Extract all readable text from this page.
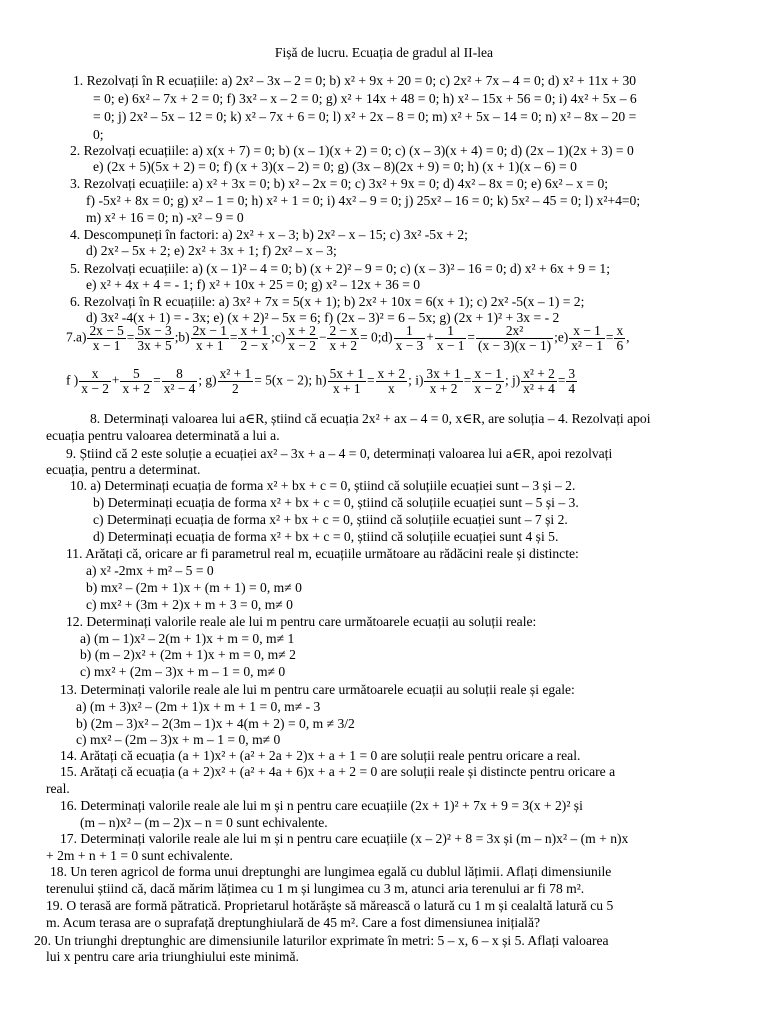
Fișă de lucru. Ecuația de gradul al II-lea
1. Rezolvați în R ecuațiile: a) 2x² – 3x – 2 = 0; b) x² + 9x + 20 = 0; c) 2x² + 7x – 4 = 0; d) x² + 11x + 30
= 0; e) 6x² – 7x + 2 = 0; f) 3x² – x – 2 = 0; g) x² + 14x + 48 = 0; h) x² – 15x + 56 = 0; i) 4x² + 5x – 6
= 0; j) 2x² – 5x – 12 = 0; k) x² – 7x + 6 = 0; l) x² + 2x – 8 = 0; m) x² + 5x – 14 = 0; n) x² – 8x – 20 =
0;
2. Rezolvați ecuațiile: a) x(x + 7) = 0; b) (x – 1)(x + 2) = 0; c) (x – 3)(x + 4) = 0; d) (2x – 1)(2x + 3) = 0
e) (2x + 5)(5x + 2) = 0; f) (x + 3)(x – 2) = 0; g) (3x – 8)(2x + 9) = 0; h) (x + 1)(x – 6) = 0
3. Rezolvați ecuațiile: a) x² + 3x = 0; b) x² – 2x = 0; c) 3x² + 9x = 0; d) 4x² – 8x = 0; e) 6x² – x = 0;
f) -5x² + 8x = 0; g) x² – 1 = 0; h) x² + 1 = 0; i) 4x² – 9 = 0; j) 25x² – 16 = 0; k) 5x² – 45 = 0; l) x²+4=0;
m) x² + 16 = 0; n) -x² – 9 = 0
4. Descompuneți în factori: a) 2x² + x – 3; b) 2x² – x – 15; c) 3x² -5x + 2;
d) 2x² – 5x + 2; e) 2x² + 3x + 1; f) 2x² – x – 3;
5. Rezolvați ecuațiile: a) (x – 1)² – 4 = 0; b) (x + 2)² – 9 = 0; c) (x – 3)² – 16 = 0; d) x² + 6x + 9 = 1;
e) x² + 4x + 4 = - 1; f) x² + 10x + 25 = 0; g) x² – 12x + 36 = 0
6. Rezolvați în R ecuațiile: a) 3x² + 7x = 5(x + 1); b) 2x² + 10x = 6(x + 1); c) 2x² -5(x – 1) = 2;
d) 3x² -4(x + 1) = - 3x; e) (x + 2)² – 5x = 6; f) (2x – 3)² = 6 – 5x; g) (2x + 1)² + 3x = - 2
8. Determinați valoarea lui a∈R, știind că ecuația 2x² + ax – 4 = 0, x∈R, are soluția – 4. Rezolvați apoi
ecuația pentru valoarea determinată a lui a.
9. Știind că 2 este soluție a ecuației ax² – 3x + a – 4 = 0, determinați valoarea lui a∈R, apoi rezolvați
ecuația, pentru a determinat.
10. a) Determinați ecuația de forma x² + bx + c = 0, știind că soluțiile ecuației sunt – 3 și – 2.
b) Determinați ecuația de forma x² + bx + c = 0, știind că soluțiile ecuației sunt – 5 și – 3.
c) Determinați ecuația de forma x² + bx + c = 0, știind că soluțiile ecuației sunt – 7 și 2.
d) Determinați ecuația de forma x² + bx + c = 0, știind că soluțiile ecuației sunt 4 și 5.
11. Arătați că, oricare ar fi parametrul real m, ecuațiile următoare au rădăcini reale și distincte:
a) x² -2mx + m² – 5 = 0
b) mx² – (2m + 1)x + (m + 1) = 0, m≠ 0
c) mx² + (3m + 2)x + m + 3 = 0, m≠ 0
12. Determinați valorile reale ale lui m pentru care următoarele ecuații au soluții reale:
a) (m – 1)x² – 2(m + 1)x + m = 0, m≠ 1
b) (m – 2)x² + (2m + 1)x + m = 0, m≠ 2
c) mx² + (2m – 3)x + m – 1 = 0, m≠ 0
13. Determinați valorile reale ale lui m pentru care următoarele ecuații au soluții reale și egale:
a) (m + 3)x² – (2m + 1)x + m + 1 = 0, m≠ - 3
b) (2m – 3)x² – 2(3m – 1)x + 4(m + 2) = 0, m ≠ 3/2
c) mx² – (2m – 3)x + m – 1 = 0, m≠ 0
14. Arătați că ecuația (a + 1)x² + (a² + 2a + 2)x + a + 1 = 0 are soluții reale pentru oricare a real.
15. Arătați că ecuația (a + 2)x² + (a² + 4a + 6)x + a + 2 = 0 are soluții reale și distincte pentru oricare a
real.
16. Determinați valorile reale ale lui m și n pentru care ecuațiile (2x + 1)² + 7x + 9 = 3(x + 2)² și
(m – n)x² – (m – 2)x – n = 0 sunt echivalente.
17. Determinați valorile reale ale lui m și n pentru care ecuațiile (x – 2)² + 8 = 3x și (m – n)x² – (m + n)x
+ 2m + n + 1 = 0 sunt echivalente.
18. Un teren agricol de forma unui dreptunghi are lungimea egală cu dublul lățimii. Aflați dimensiunile
terenului știind că, dacă mărim lățimea cu 1 m și lungimea cu 3 m, atunci aria terenului ar fi 78 m².
19. O terasă are formă pătratică. Proprietarul hotărăște să mărească o latură cu 1 m și cealaltă latură cu 5
m. Acum terasa are o suprafață dreptunghiulară de 45 m². Care a fost dimensiunea inițială?
20. Un triunghi dreptunghic are dimensiunile laturilor exprimate în metri: 5 – x, 6 – x și 5. Aflați valoarea
lui x pentru care aria triunghiului este minimă.
$7.a) \frac{2x - 5}{x - 1} = \frac{5x - 3}{3x + 5}$ ;b) $\frac{2x - 1}{x + 1} = \frac{x + 1}{2 - x}$ ;c) $\frac{x + 2}{x - 2} - \frac{2 - x}{x + 2}$ = 0;d) $\frac{1}{x - 3} + \frac{1}{x - 1} = \frac{\text{2x²}}{(x - 3)(x - 1)}$ ;e) $\frac{x - 1}{\text{x² − 1}} = \frac{x}{6}$ ,
f ) $\frac{x}{x - 2} + \frac{5}{x + 2} = \frac{8}{\text{x² − 4}}$ ; $g) \frac{\text{x² + 1}}{2} = 5(x - 2)$; $h) \frac{5x + 1}{x + 1} = \frac{x + 2}{x}$ ; $i) \frac{3x + 1}{x + 2} = \frac{x - 1}{x - 2}$ ; $j) \frac{\text{x² + 2}}{\text{x² + 4}} = \frac{3}{4}$
